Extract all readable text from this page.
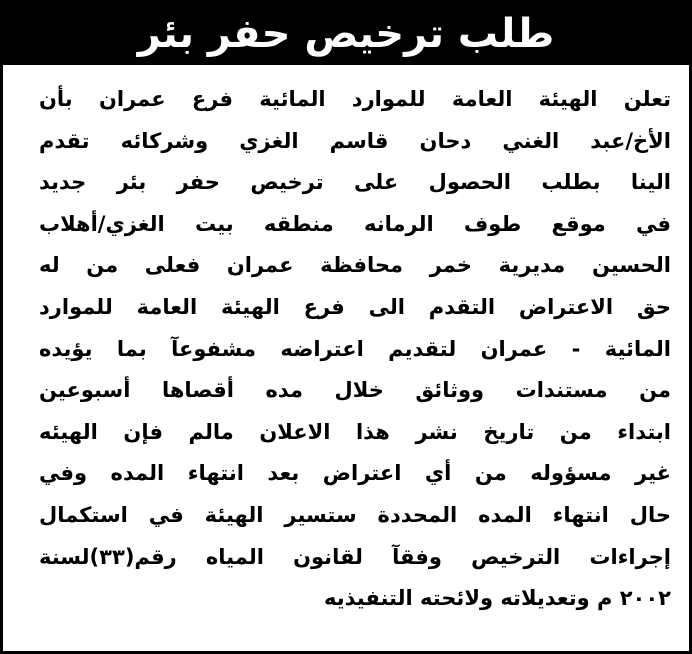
طلب ترخيص حفر بئر
تعلن الهيئة العامة للموارد المائية فرع عمران بأن
الأخ/عبد الغني دحان قاسم الغزي وشركائه تقدم
الينا بطلب الحصول على ترخيص حفر بئر جديد
في موقع طوف الرمانه منطقه بيت الغزي/أهلاب
الحسين مديرية خمر محافظة عمران فعلى من له
حق الاعتراض التقدم الى فرع الهيئة العامة للموارد
المائية - عمران لتقديم اعتراضه مشفوعآ بما يؤيده
من مستندات ووثائق خلال مده أقصاها أسبوعين
ابتداء من تاريخ نشر هذا الاعلان مالم فإن الهيئه
غير مسؤوله من أي اعتراض بعد انتهاء المده وفي
حال انتهاء المده المحددة ستسير الهيئة في استكمال
إجراءات الترخيص وفقآ لقانون المياه رقم(٣٣)لسنة
٢٠٠٢ م وتعديلاته ولائحته التنفيذيه
